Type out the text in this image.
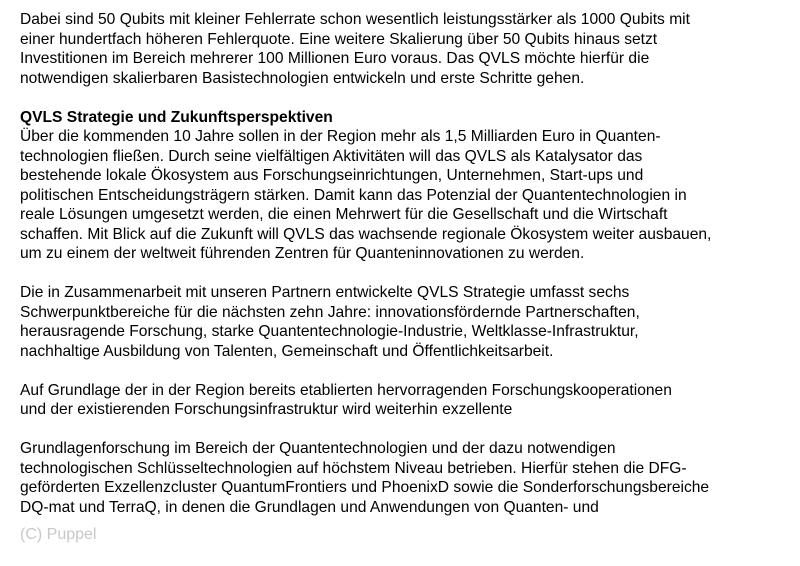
Dabei sind 50 Qubits mit kleiner Fehlerrate schon wesentlich leistungsstärker als 1000 Qubits mit
einer hundertfach höheren Fehlerquote. Eine weitere Skalierung über 50 Qubits hinaus setzt
Investitionen im Bereich mehrerer 100 Millionen Euro voraus. Das QVLS möchte hierfür die
notwendigen skalierbaren Basistechnologien entwickeln und erste Schritte gehen.

QVLS Strategie und Zukunftsperspektiven

Über die kommenden 10 Jahre sollen in der Region mehr als 1,5 Milliarden Euro in Quanten-
technologien fließen. Durch seine vielfältigen Aktivitäten will das QVLS als Katalysator das
bestehende lokale Ökosystem aus Forschungseinrichtungen, Unternehmen, Start-ups und
politischen Entscheidungsträgern stärken. Damit kann das Potenzial der Quantentechnologien in
reale Lösungen umgesetzt werden, die einen Mehrwert für die Gesellschaft und die Wirtschaft
schaffen. Mit Blick auf die Zukunft will QVLS das wachsende regionale Ökosystem weiter ausbauen,
um zu einem der weltweit führenden Zentren für Quanteninnovationen zu werden.

Die in Zusammenarbeit mit unseren Partnern entwickelte QVLS Strategie umfasst sechs
Schwerpunktbereiche für die nächsten zehn Jahre: innovationsfördernde Partnerschaften,
herausragende Forschung, starke Quantentechnologie-Industrie, Weltklasse-Infrastruktur,
nachhaltige Ausbildung von Talenten, Gemeinschaft und Öffentlichkeitsarbeit.

Auf Grundlage der in der Region bereits etablierten hervorragenden Forschungskooperationen
und der existierenden Forschungsinfrastruktur wird weiterhin exzellente

Grundlagenforschung im Bereich der Quantentechnologien und der dazu notwendigen
technologischen Schlüsseltechnologien auf höchstem Niveau betrieben. Hierfür stehen die DFG-
geförderten Exzellenzcluster QuantumFrontiers und PhoenixD sowie die Sonderforschungsbereiche
DQ-mat und TerraQ, in denen die Grundlagen und Anwendungen von Quanten- und

(C) Puppel
